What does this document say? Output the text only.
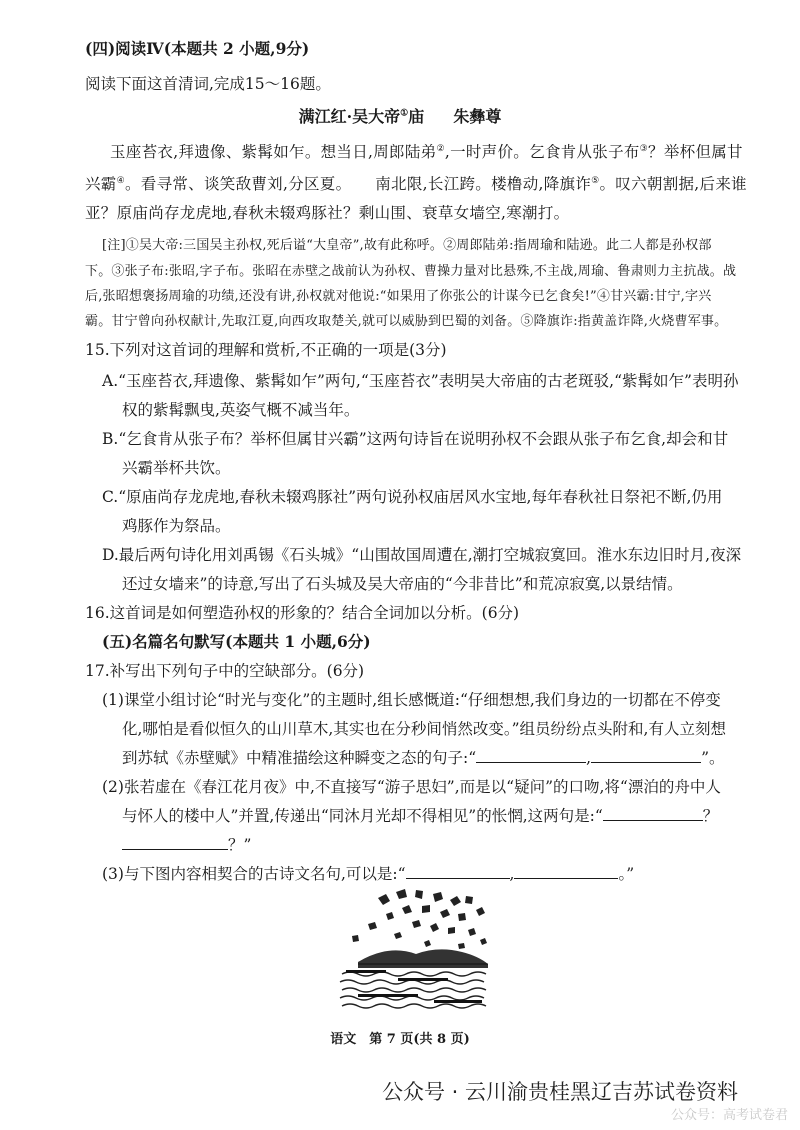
(四)阅读Ⅳ(本题共 2 小题,9分)
阅读下面这首清词,完成15～16题。
满江红·吴大帝①庙 朱彝尊
玉座苔衣,拜遗像、紫髯如乍。想当日,周郎陆弟②,一时声价。乞食肯从张子布③？举杯但属甘
兴霸④。看寻常、谈笑敌曹刘,分区夏。　　南北限,长江跨。楼橹动,降旗诈⑤。叹六朝割据,后来谁
亚？原庙尚存龙虎地,春秋未辍鸡豚社？剩山围、衰草女墙空,寒潮打。
[注]①吴大帝:三国吴主孙权,死后谥“大皇帝”,故有此称呼。②周郎陆弟:指周瑜和陆逊。此二人都是孙权部
下。③张子布:张昭,字子布。张昭在赤壁之战前认为孙权、曹操力量对比悬殊,不主战,周瑜、鲁肃则力主抗战。战
后,张昭想褒扬周瑜的功绩,还没有讲,孙权就对他说:“如果用了你张公的计谋今已乞食矣!”④甘兴霸:甘宁,字兴
霸。甘宁曾向孙权献计,先取江夏,向西攻取楚关,就可以威胁到巴蜀的刘备。⑤降旗诈:指黄盖诈降,火烧曹军事。
15.下列对这首词的理解和赏析,不正确的一项是(3分)
A.“玉座苔衣,拜遗像、紫髯如乍”两句,“玉座苔衣”表明吴大帝庙的古老斑驳,“紫髯如乍”表明孙
权的紫髯飘曳,英姿气概不减当年。
B.“乞食肯从张子布？举杯但属甘兴霸”这两句诗旨在说明孙权不会跟从张子布乞食,却会和甘
兴霸举杯共饮。
C.“原庙尚存龙虎地,春秋未辍鸡豚社”两句说孙权庙居风水宝地,每年春秋社日祭祀不断,仍用
鸡豚作为祭品。
D.最后两句诗化用刘禹锡《石头城》“山围故国周遭在,潮打空城寂寞回。淮水东边旧时月,夜深
还过女墙来”的诗意,写出了石头城及吴大帝庙的“今非昔比”和荒凉寂寞,以景结情。
16.这首词是如何塑造孙权的形象的？结合全词加以分析。(6分)
(五)名篇名句默写(本题共 1 小题,6分)
17.补写出下列句子中的空缺部分。(6分)
(1)课堂小组讨论“时光与变化”的主题时,组长感慨道:“仔细想想,我们身边的一切都在不停变
化,哪怕是看似恒久的山川草木,其实也在分秒间悄然改变。”组员纷纷点头附和,有人立刻想
到苏轼《赤壁赋》中精准描绘这种瞬变之态的句子:“	,	”。
(2)张若虚在《春江花月夜》中,不直接写“游子思妇”,而是以“疑问”的口吻,将“漂泊的舟中人
与怀人的楼中人”并置,传递出“同沐月光却不得相见”的怅惘,这两句是:“	？
？”
(3)与下图内容相契合的古诗文名句,可以是:“	,	。”
语文　第 7 页(共 8 页)
公众号 · 云川渝贵桂黑辽吉苏试卷资料
公众号：高考试卷君
